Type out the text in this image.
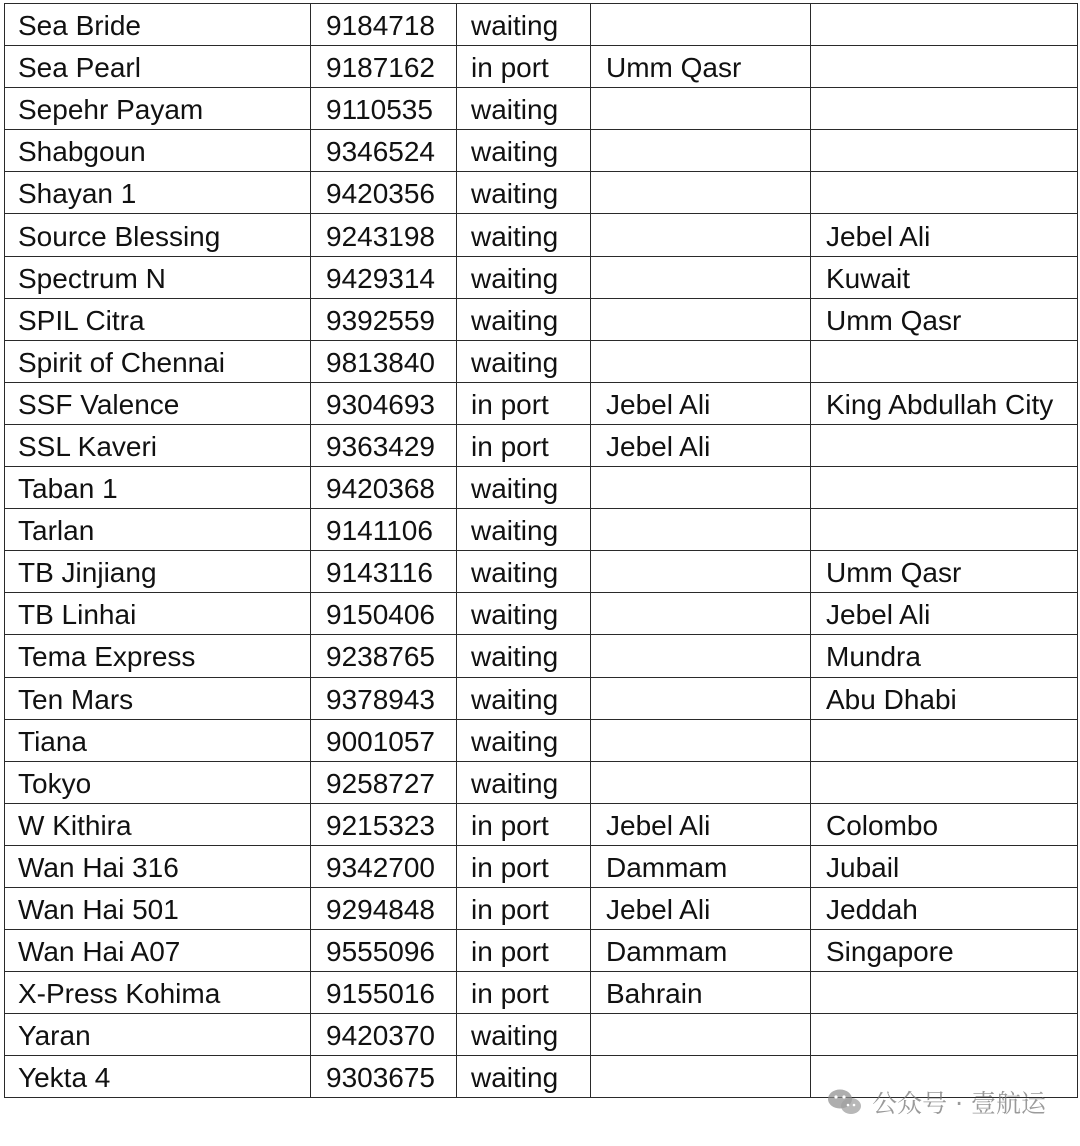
Sea Bride	9184718	waiting		
Sea Pearl	9187162	in port	Umm Qasr	
Sepehr Payam	9110535	waiting		
Shabgoun	9346524	waiting		
Shayan 1	9420356	waiting		
Source Blessing	9243198	waiting		Jebel Ali
Spectrum N	9429314	waiting		Kuwait
SPIL Citra	9392559	waiting		Umm Qasr
Spirit of Chennai	9813840	waiting		
SSF Valence	9304693	in port	Jebel Ali	King Abdullah City
SSL Kaveri	9363429	in port	Jebel Ali	
Taban 1	9420368	waiting		
Tarlan	9141106	waiting		
TB Jinjiang	9143116	waiting		Umm Qasr
TB Linhai	9150406	waiting		Jebel Ali
Tema Express	9238765	waiting		Mundra
Ten Mars	9378943	waiting		Abu Dhabi
Tiana	9001057	waiting		
Tokyo	9258727	waiting		
W Kithira	9215323	in port	Jebel Ali	Colombo
Wan Hai 316	9342700	in port	Dammam	Jubail
Wan Hai 501	9294848	in port	Jebel Ali	Jeddah
Wan Hai A07	9555096	in port	Dammam	Singapore
X-Press Kohima	9155016	in port	Bahrain	
Yaran	9420370	waiting		
Yekta 4	9303675	waiting		
公众号 · 壹航运
